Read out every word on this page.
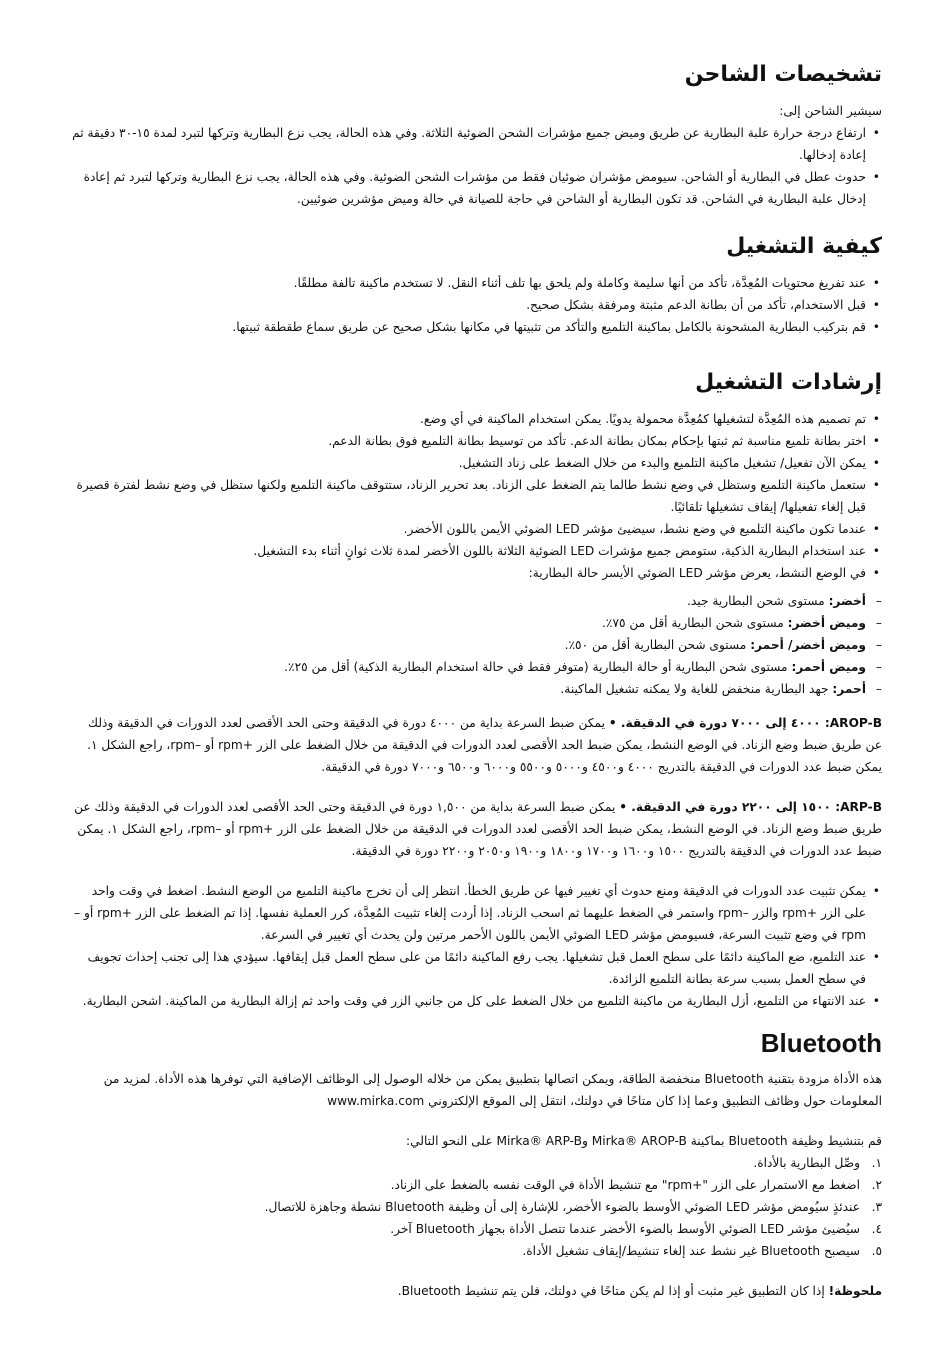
تشخيصات الشاحن

سيشير الشاحن إلى:

• ارتفاع درجة حرارة علبة البطارية عن طريق وميض جميع مؤشرات الشحن الضوئية الثلاثة. وفي هذه الحالة، يجب نزع البطارية وتركها لتبرد لمدة ١٥-٣٠ دقيقة ثم إعادة إدخالها.
• حدوث عطل في البطارية أو الشاحن. سيومض مؤشران ضوئيان فقط من مؤشرات الشحن الضوئية. وفي هذه الحالة، يجب نزع البطارية وتركها لتبرد ثم إعادة إدخال علبة البطارية في الشاحن. قد تكون البطارية أو الشاحن في حاجة للصيانة في حالة وميض مؤشرين ضوئيين.
كيفية التشغيل
• عند تفريغ محتويات المُعِدَّة، تأكد من أنها سليمة وكاملة ولم يلحق بها تلف أثناء النقل. لا تستخدم ماكينة تالفة مطلقًا.
• قبل الاستخدام، تأكد من أن بطانة الدعم مثبتة ومرفقة بشكل صحيح.
• قم بتركيب البطارية المشحونة بالكامل بماكينة التلميع والتأكد من تثبيتها في مكانها بشكل صحيح عن طريق سماع طقطقة ثبيتها.
إرشادات التشغيل
• تم تصميم هذه المُعِدَّة لتشغيلها كمُعِدَّة محمولة يدويًا. يمكن استخدام الماكينة في أي وضع.
• اختر بطانة تلميع مناسبة ثم ثبتها بإحكام بمكان بطانة الدعم. تأكد من توسيط بطانة التلميع فوق بطانة الدعم.
• يمكن الآن تفعيل/ تشغيل ماكينة التلميع والبدء من خلال الضغط على زناد التشغيل.
• ستعمل ماكينة التلميع وستظل في وضع نشط طالما يتم الضغط على الزناد. بعد تحرير الزناد، ستتوقف ماكينة التلميع ولكنها ستظل في وضع نشط لفترة قصيرة قبل إلغاء تفعيلها/ إيقاف تشغيلها تلقائيًا.
• عندما تكون ماكينة التلميع في وضع نشط، سيضيئ مؤشر LED الضوئي الأيمن باللون الأخضر.
• عند استخدام البطارية الذكية، ستومض جميع مؤشرات LED الضوئية الثلاثة باللون الأخضر لمدة ثلاث ثوانٍ أثناء بدء التشغيل.
• في الوضع النشط، يعرض مؤشر LED الضوئي الأيسر حالة البطارية:
– أخضر: مستوى شحن البطارية جيد.
– وميض أخضر: مستوى شحن البطارية أقل من ٧٥٪.
– وميض أخضر/ أحمر: مستوى شحن البطارية أقل من ٥٠٪.
– وميض أحمر: مستوى شحن البطارية أو حالة البطارية (متوفر فقط في حالة استخدام البطارية الذكية) أقل من ٢٥٪.
– أحمر: جهد البطارية منخفض للغاية ولا يمكنه تشغيل الماكينة.

AROP-B: ٤٠٠٠ إلى ٧٠٠٠ دورة في الدقيقة. • يمكن ضبط السرعة بداية من ٤٠٠٠ دورة في الدقيقة وحتى الحد الأقصى لعدد الدورات في الدقيقة وذلك عن طريق ضبط وضع الزناد. في الوضع النشط، يمكن ضبط الحد الأقصى لعدد الدورات في الدقيقة من خلال الضغط على الزر +rpm أو –rpm، راجع الشكل ١. يمكن ضبط عدد الدورات في الدقيقة بالتدريج ٤٠٠٠ و٤٥٠٠ و٥٠٠٠ و٥٥٠٠ و٦٠٠٠ و٦٥٠٠ و٧٠٠٠ دورة في الدقيقة.

ARP-B: ١٥٠٠ إلى ٢٢٠٠ دورة في الدقيقة. • يمكن ضبط السرعة بداية من ١,٥٠٠ دورة في الدقيقة وحتى الحد الأقصى لعدد الدورات في الدقيقة وذلك عن طريق ضبط وضع الزناد. في الوضع النشط، يمكن ضبط الحد الأقصى لعدد الدورات في الدقيقة من خلال الضغط على الزر +rpm أو –rpm، راجع الشكل ١. يمكن ضبط عدد الدورات في الدقيقة بالتدريج ١٥٠٠ و١٦٠٠ و١٧٠٠ و١٨٠٠ و١٩٠٠ و٢٠٥٠ و٢٢٠٠ دورة في الدقيقة.

• يمكن تثبيت عدد الدورات في الدقيقة ومنع حدوث أي تغيير فيها عن طريق الخطأ. انتظر إلى أن تخرج ماكينة التلميع من الوضع النشط. اضغط في وقت واحد على الزر +rpm والزر –rpm واستمر في الضغط عليهما ثم اسحب الزناد. إذا أردت إلغاء تثبيت المُعِدَّة، كرر العملية نفسها. إذا تم الضغط على الزر +rpm أو –rpm في وضع تثبيت السرعة، فسيومض مؤشر LED الضوئي الأيمن باللون الأحمر مرتين ولن يحدث أي تغيير في السرعة.
• عند التلميع، ضع الماكينة دائمًا على سطح العمل قبل تشغيلها. يجب رفع الماكينة دائمًا من على سطح العمل قبل إيقافها. سيؤدي هذا إلى تجنب إحداث تجويف في سطح العمل بسبب سرعة بطانة التلميع الزائدة.
• عند الانتهاء من التلميع، أزل البطارية من ماكينة التلميع من خلال الضغط على كل من جانبي الزر في وقت واحد ثم إزالة البطارية من الماكينة. اشحن البطارية.
Bluetooth

هذه الأداة مزودة بتقنية Bluetooth منخفضة الطاقة، ويمكن اتصالها بتطبيق يمكن من خلاله الوصول إلى الوظائف الإضافية التي توفرها هذه الأداة. لمزيد من المعلومات حول وظائف التطبيق وعما إذا كان متاحًا في دولتك، انتقل إلى الموقع الإلكتروني www.mirka.com

قم بتنشيط وظيفة Bluetooth بماكينة Mirka® AROP-B وMirka® ARP-B على النحو التالي:

١.
وصِّل البطارية بالأداة.
٢.
اضغط مع الاستمرار على الزر "+rpm" مع تنشيط الأداة في الوقت نفسه بالضغط على الزناد.
٣.
عندئذٍ سيُومض مؤشر LED الضوئي الأوسط بالضوء الأخضر، للإشارة إلى أن وظيفة Bluetooth نشطة وجاهزة للاتصال.
٤.
سيُضيئ مؤشر LED الضوئي الأوسط بالضوء الأخضر عندما تتصل الأداة بجهاز Bluetooth آخر.
٥.
سيصبح Bluetooth غير نشط عند إلغاء تنشيط/إيقاف تشغيل الأداة.

ملحوظة! إذا كان التطبيق غير مثبت أو إذا لم يكن متاحًا في دولتك، فلن يتم تنشيط Bluetooth.
